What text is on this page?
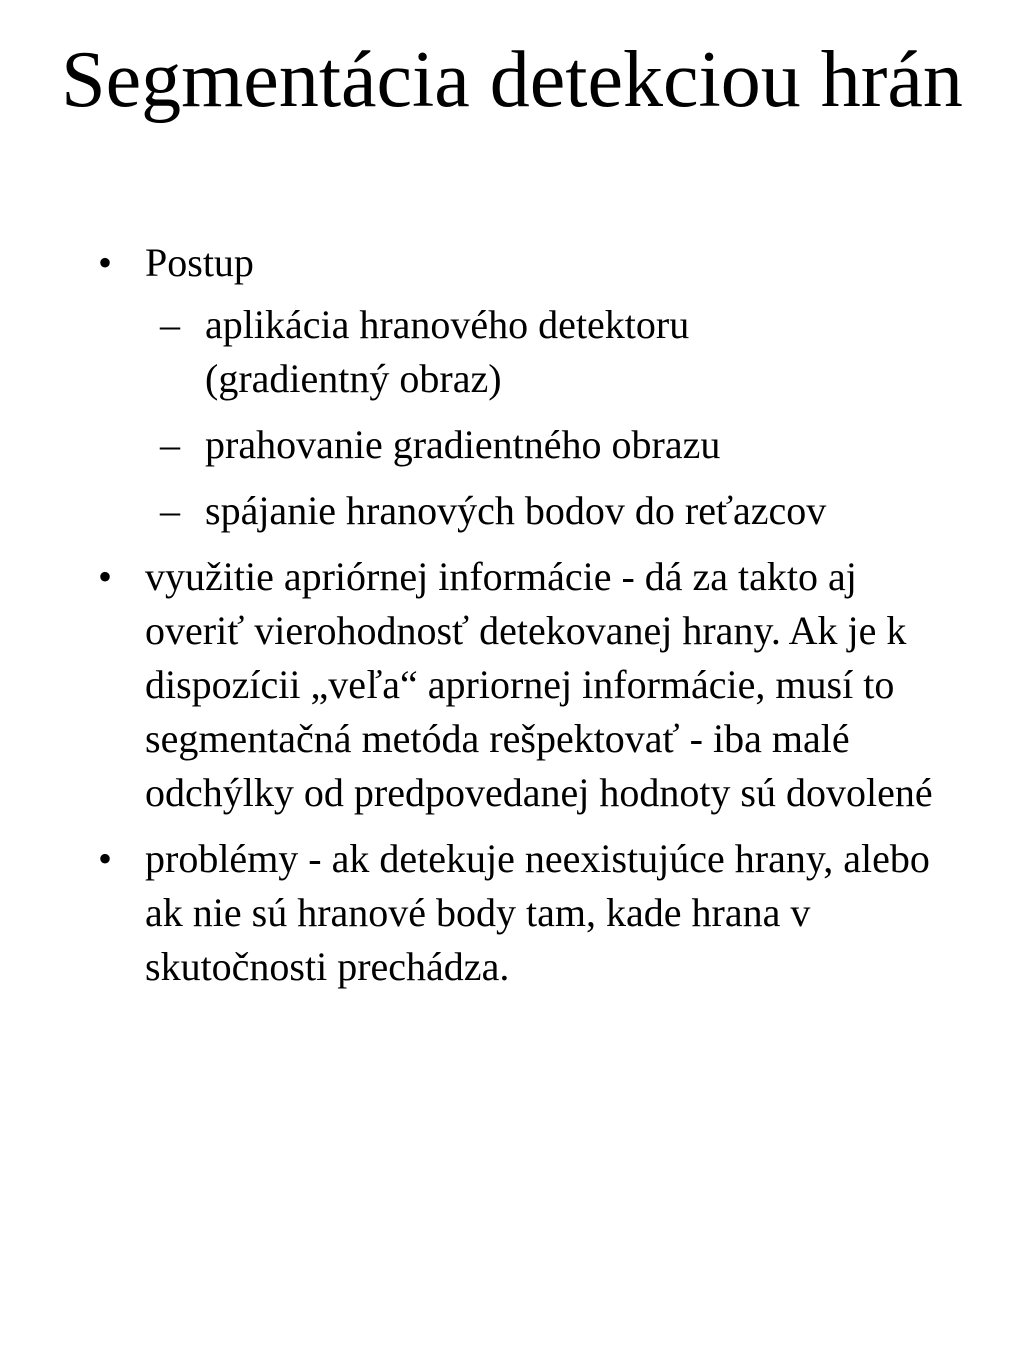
Segmentácia detekciou hrán
• Postup
– aplikácia hranového detektoru (gradientný obraz)
– prahovanie gradientného obrazu
– spájanie hranových bodov do reťazcov
• využitie apriórnej informácie - dá za takto aj overiť vierohodnosť detekovanej hrany. Ak je k dispozícii „veľa“ apriornej informácie, musí to segmentačná metóda rešpektovať - iba malé odchýlky od predpovedanej hodnoty sú dovolené
• problémy - ak detekuje neexistujúce hrany, alebo ak nie sú hranové body tam, kade hrana v skutočnosti prechádza.
